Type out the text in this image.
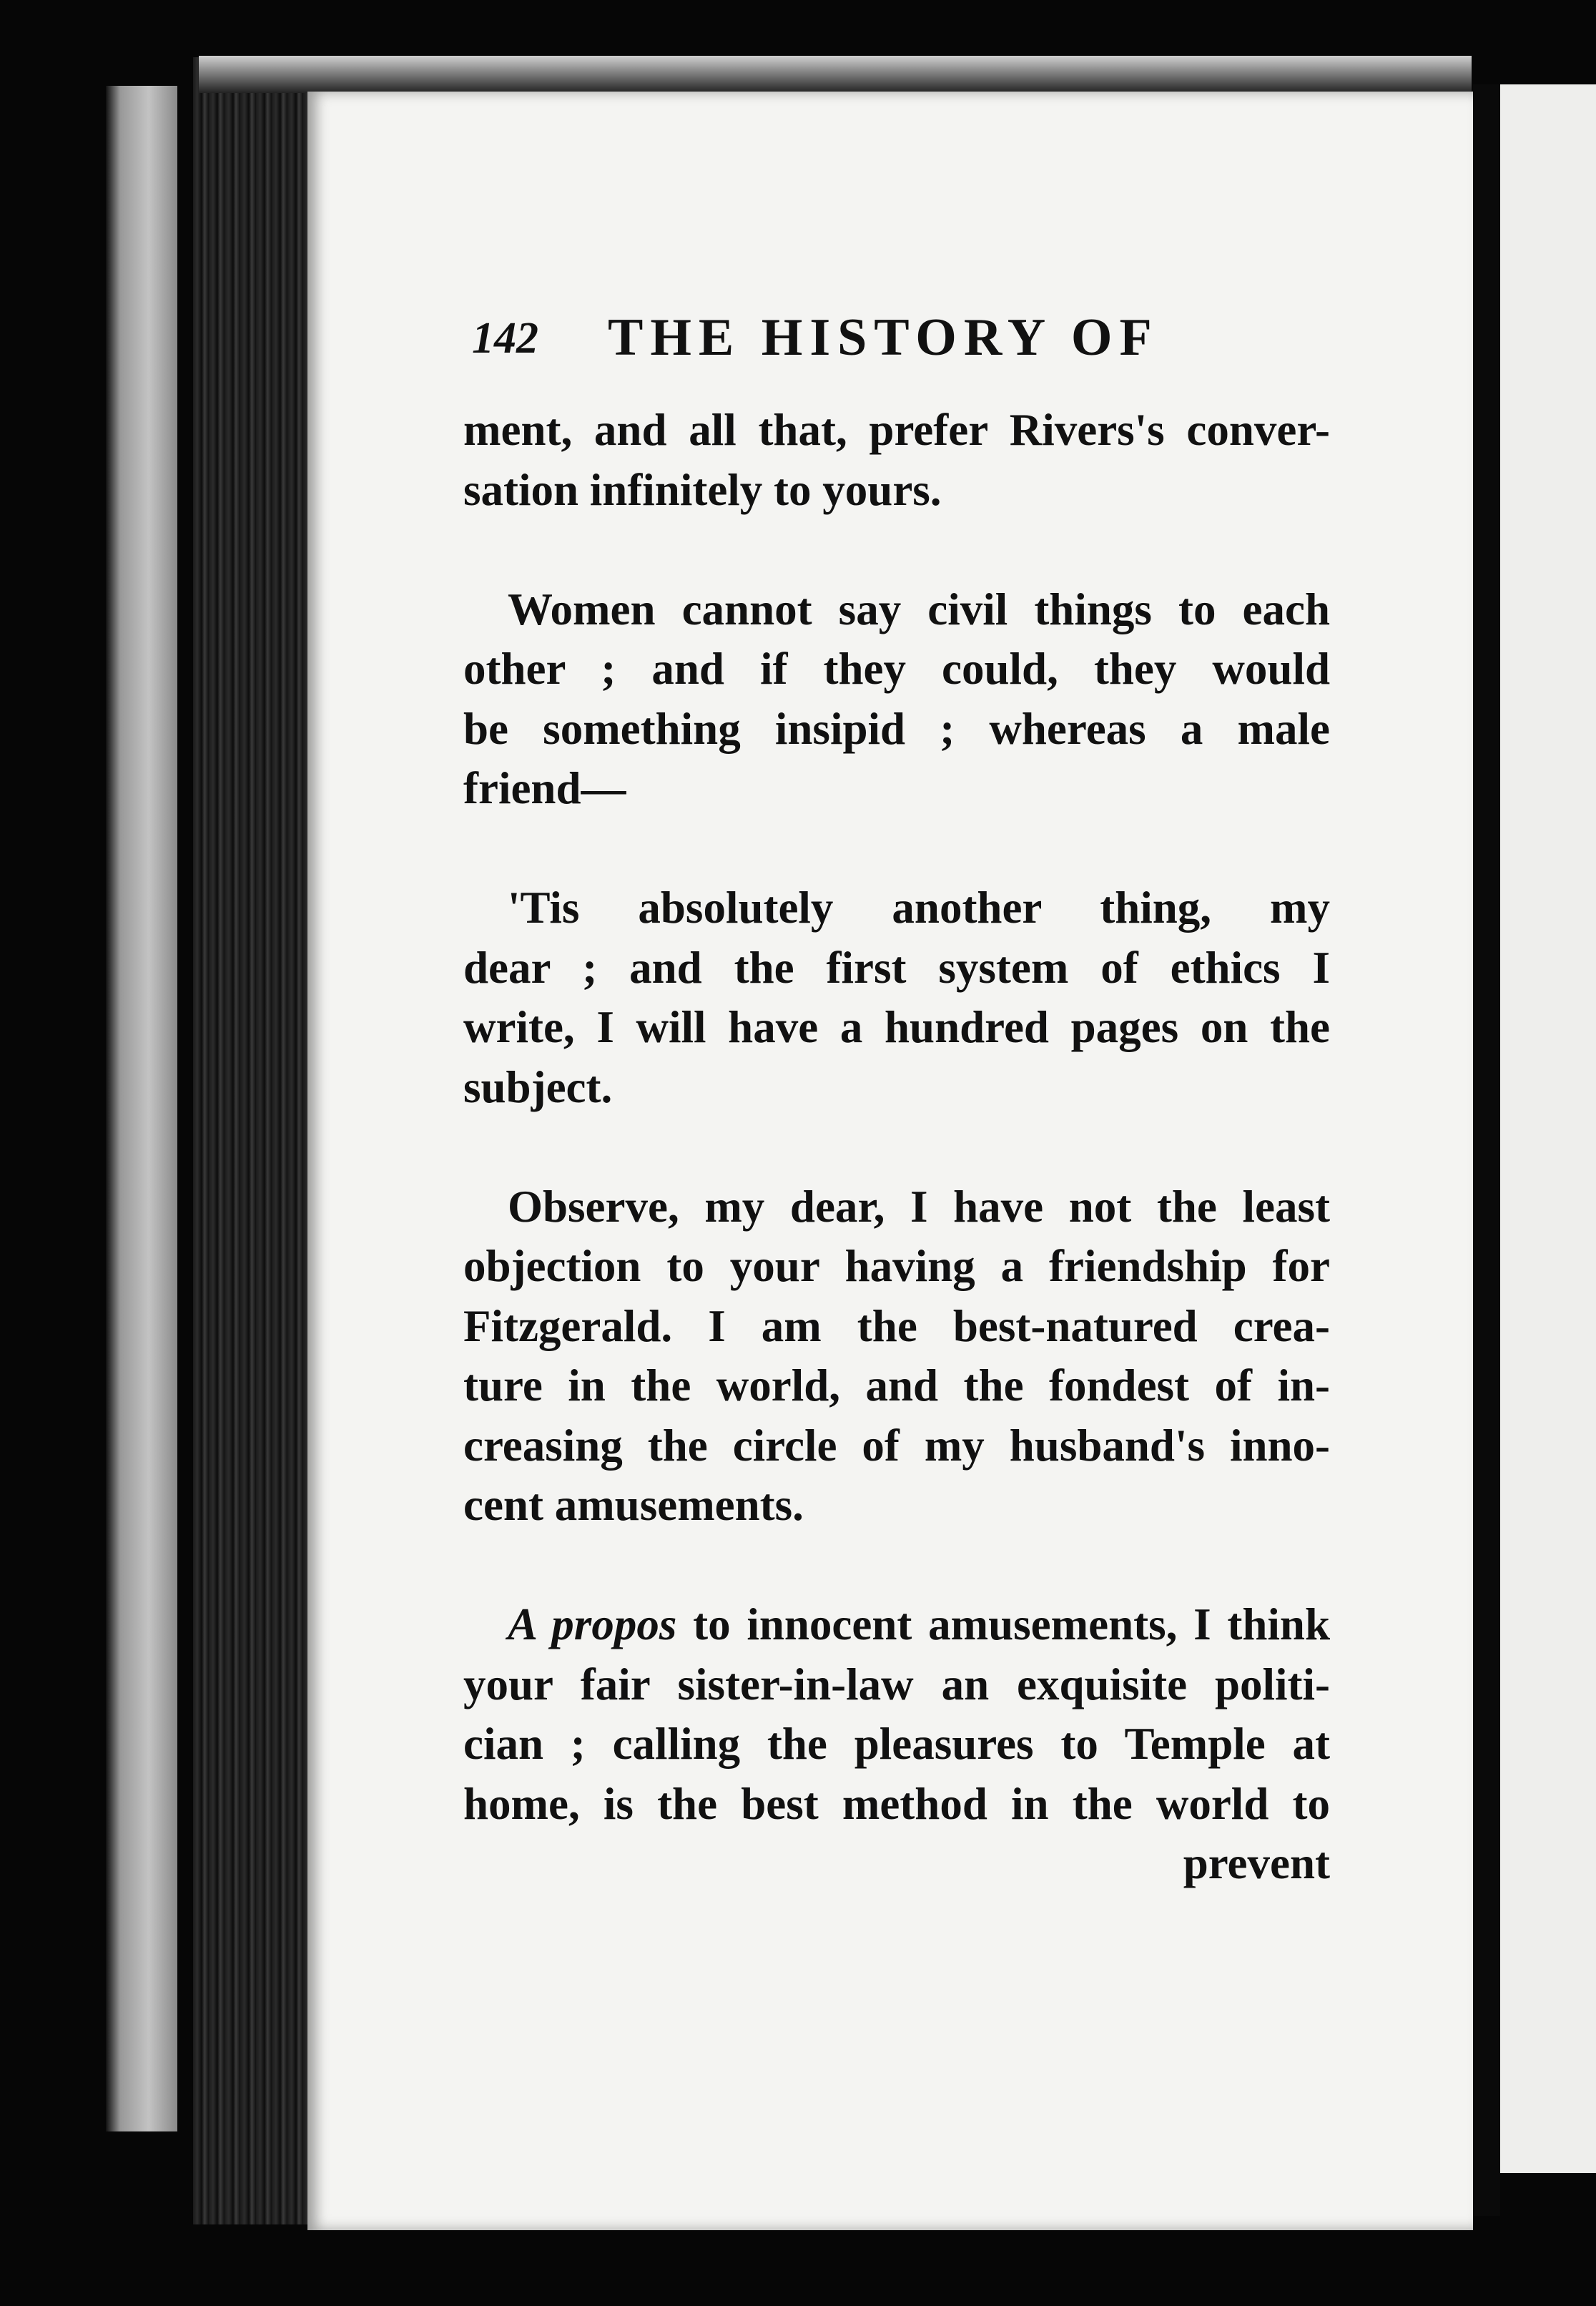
142 THE HISTORY OF
ment, and all that, prefer Rivers's conver-
sation infinitely to yours.
Women cannot say civil things to each
other ; and if they could, they would
be something insipid ; whereas a male
friend—
'Tis absolutely another thing, my
dear ; and the first system of ethics I
write, I will have a hundred pages on the
subject.
Observe, my dear, I have not the least
objection to your having a friendship for
Fitzgerald. I am the best-natured crea-
ture in the world, and the fondest of in-
creasing the circle of my husband's inno-
cent amusements.
A propos to innocent amusements, I think
your fair sister-in-law an exquisite politi-
cian ; calling the pleasures to Temple at
home, is the best method in the world to
prevent
